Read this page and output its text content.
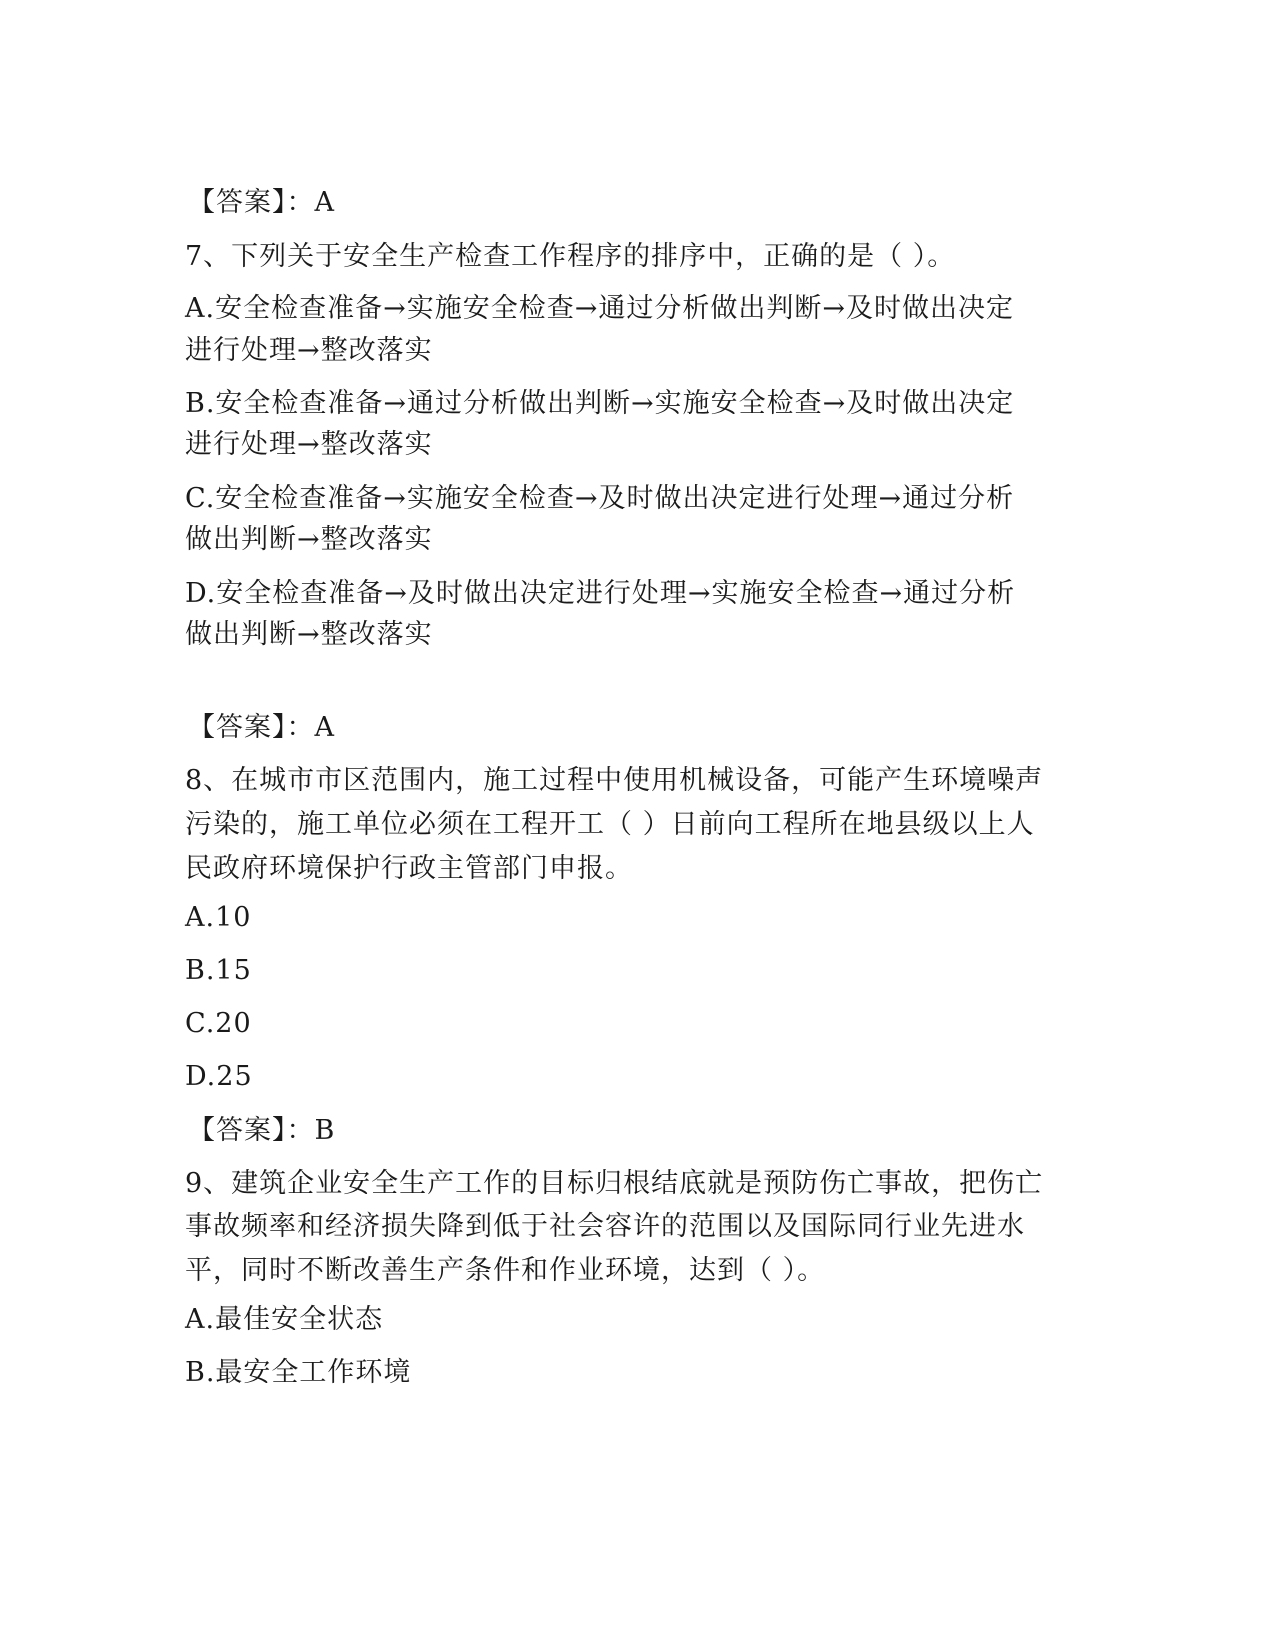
【答案】：A
7、下列关于安全生产检查工作程序的排序中，正确的是（ ）。
A.安全检查准备→实施安全检查→通过分析做出判断→及时做出决定
进行处理→整改落实
B.安全检查准备→通过分析做出判断→实施安全检查→及时做出决定
进行处理→整改落实
C.安全检查准备→实施安全检查→及时做出决定进行处理→通过分析
做出判断→整改落实
D.安全检查准备→及时做出决定进行处理→实施安全检查→通过分析
做出判断→整改落实
【答案】：A
8、在城市市区范围内，施工过程中使用机械设备，可能产生环境噪声
污染的，施工单位必须在工程开工（ ）日前向工程所在地县级以上人
民政府环境保护行政主管部门申报。
A.10
B.15
C.20
D.25
【答案】：B
9、建筑企业安全生产工作的目标归根结底就是预防伤亡事故，把伤亡
事故频率和经济损失降到低于社会容许的范围以及国际同行业先进水
平，同时不断改善生产条件和作业环境，达到（ ）。
A.最佳安全状态
B.最安全工作环境
